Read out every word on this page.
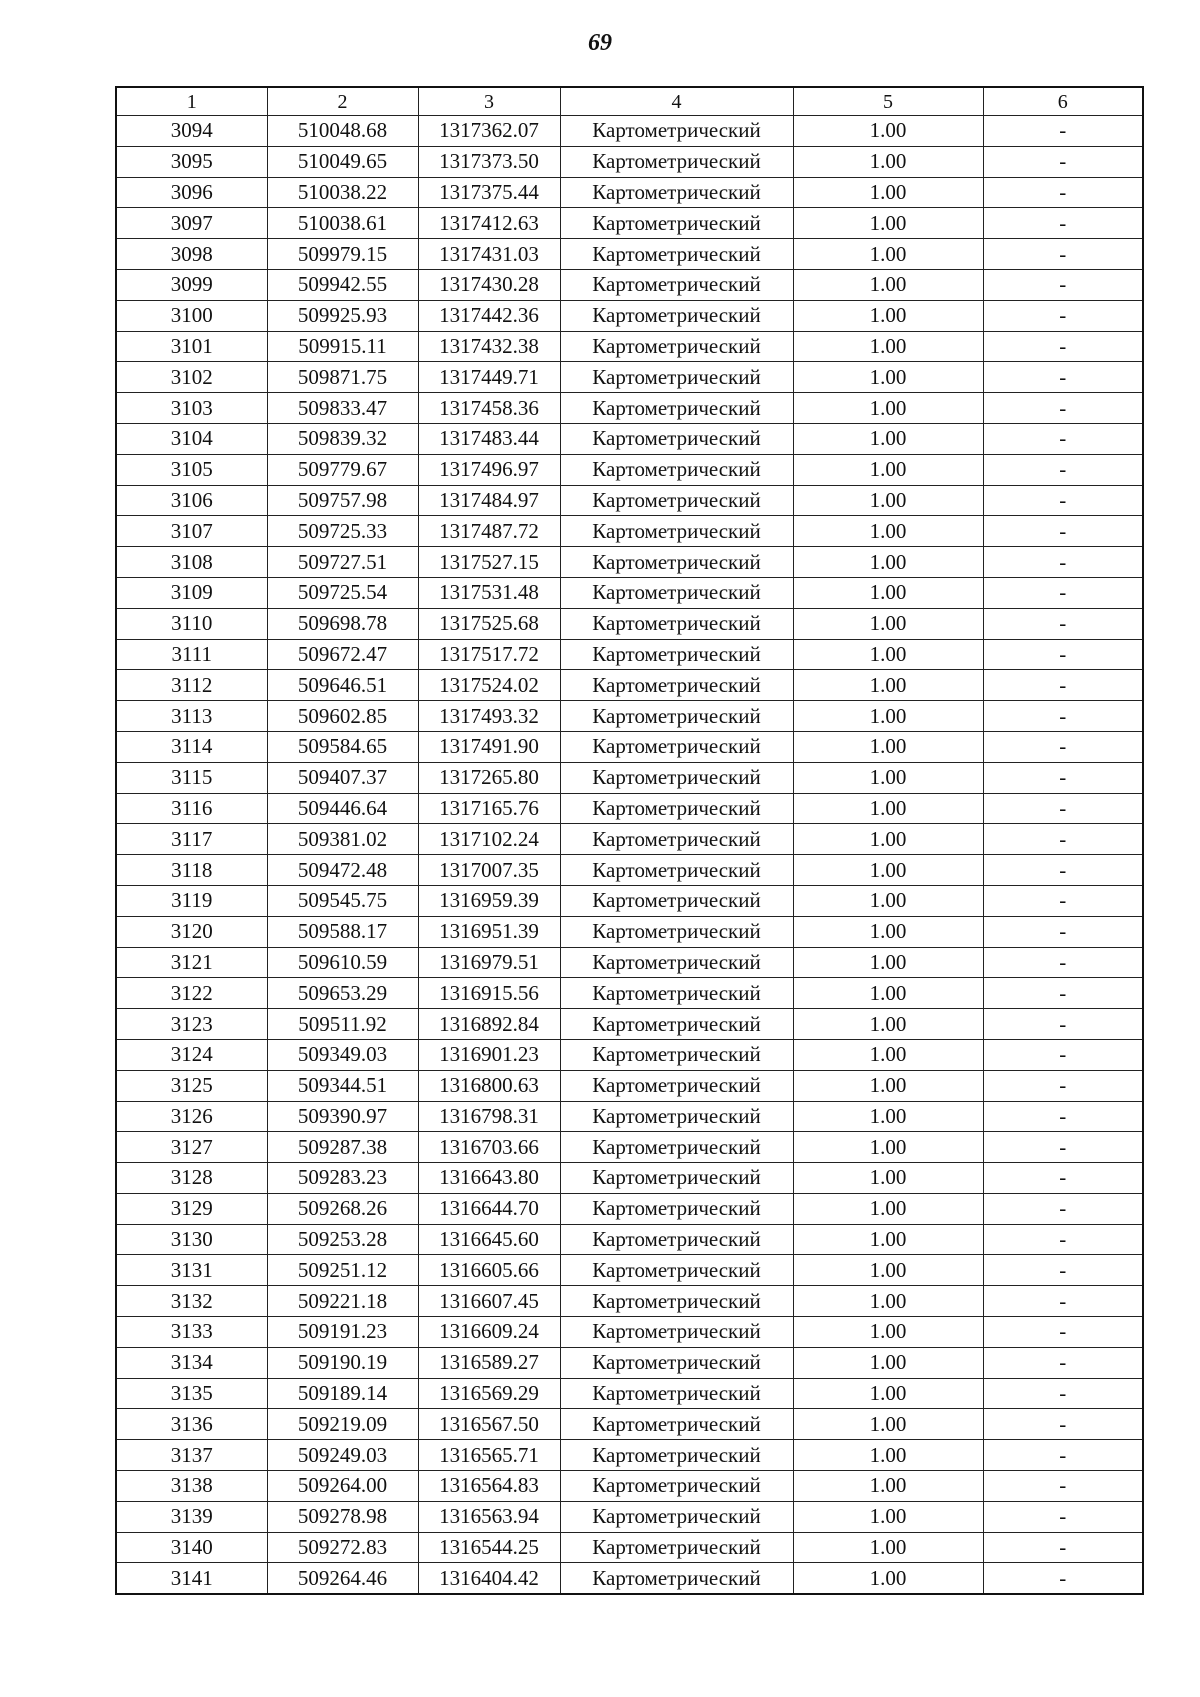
69
1	2	3	4	5	6
3094	510048.68	1317362.07	Картометрический	1.00	-
3095	510049.65	1317373.50	Картометрический	1.00	-
3096	510038.22	1317375.44	Картометрический	1.00	-
3097	510038.61	1317412.63	Картометрический	1.00	-
3098	509979.15	1317431.03	Картометрический	1.00	-
3099	509942.55	1317430.28	Картометрический	1.00	-
3100	509925.93	1317442.36	Картометрический	1.00	-
3101	509915.11	1317432.38	Картометрический	1.00	-
3102	509871.75	1317449.71	Картометрический	1.00	-
3103	509833.47	1317458.36	Картометрический	1.00	-
3104	509839.32	1317483.44	Картометрический	1.00	-
3105	509779.67	1317496.97	Картометрический	1.00	-
3106	509757.98	1317484.97	Картометрический	1.00	-
3107	509725.33	1317487.72	Картометрический	1.00	-
3108	509727.51	1317527.15	Картометрический	1.00	-
3109	509725.54	1317531.48	Картометрический	1.00	-
3110	509698.78	1317525.68	Картометрический	1.00	-
3111	509672.47	1317517.72	Картометрический	1.00	-
3112	509646.51	1317524.02	Картометрический	1.00	-
3113	509602.85	1317493.32	Картометрический	1.00	-
3114	509584.65	1317491.90	Картометрический	1.00	-
3115	509407.37	1317265.80	Картометрический	1.00	-
3116	509446.64	1317165.76	Картометрический	1.00	-
3117	509381.02	1317102.24	Картометрический	1.00	-
3118	509472.48	1317007.35	Картометрический	1.00	-
3119	509545.75	1316959.39	Картометрический	1.00	-
3120	509588.17	1316951.39	Картометрический	1.00	-
3121	509610.59	1316979.51	Картометрический	1.00	-
3122	509653.29	1316915.56	Картометрический	1.00	-
3123	509511.92	1316892.84	Картометрический	1.00	-
3124	509349.03	1316901.23	Картометрический	1.00	-
3125	509344.51	1316800.63	Картометрический	1.00	-
3126	509390.97	1316798.31	Картометрический	1.00	-
3127	509287.38	1316703.66	Картометрический	1.00	-
3128	509283.23	1316643.80	Картометрический	1.00	-
3129	509268.26	1316644.70	Картометрический	1.00	-
3130	509253.28	1316645.60	Картометрический	1.00	-
3131	509251.12	1316605.66	Картометрический	1.00	-
3132	509221.18	1316607.45	Картометрический	1.00	-
3133	509191.23	1316609.24	Картометрический	1.00	-
3134	509190.19	1316589.27	Картометрический	1.00	-
3135	509189.14	1316569.29	Картометрический	1.00	-
3136	509219.09	1316567.50	Картометрический	1.00	-
3137	509249.03	1316565.71	Картометрический	1.00	-
3138	509264.00	1316564.83	Картометрический	1.00	-
3139	509278.98	1316563.94	Картометрический	1.00	-
3140	509272.83	1316544.25	Картометрический	1.00	-
3141	509264.46	1316404.42	Картометрический	1.00	-
